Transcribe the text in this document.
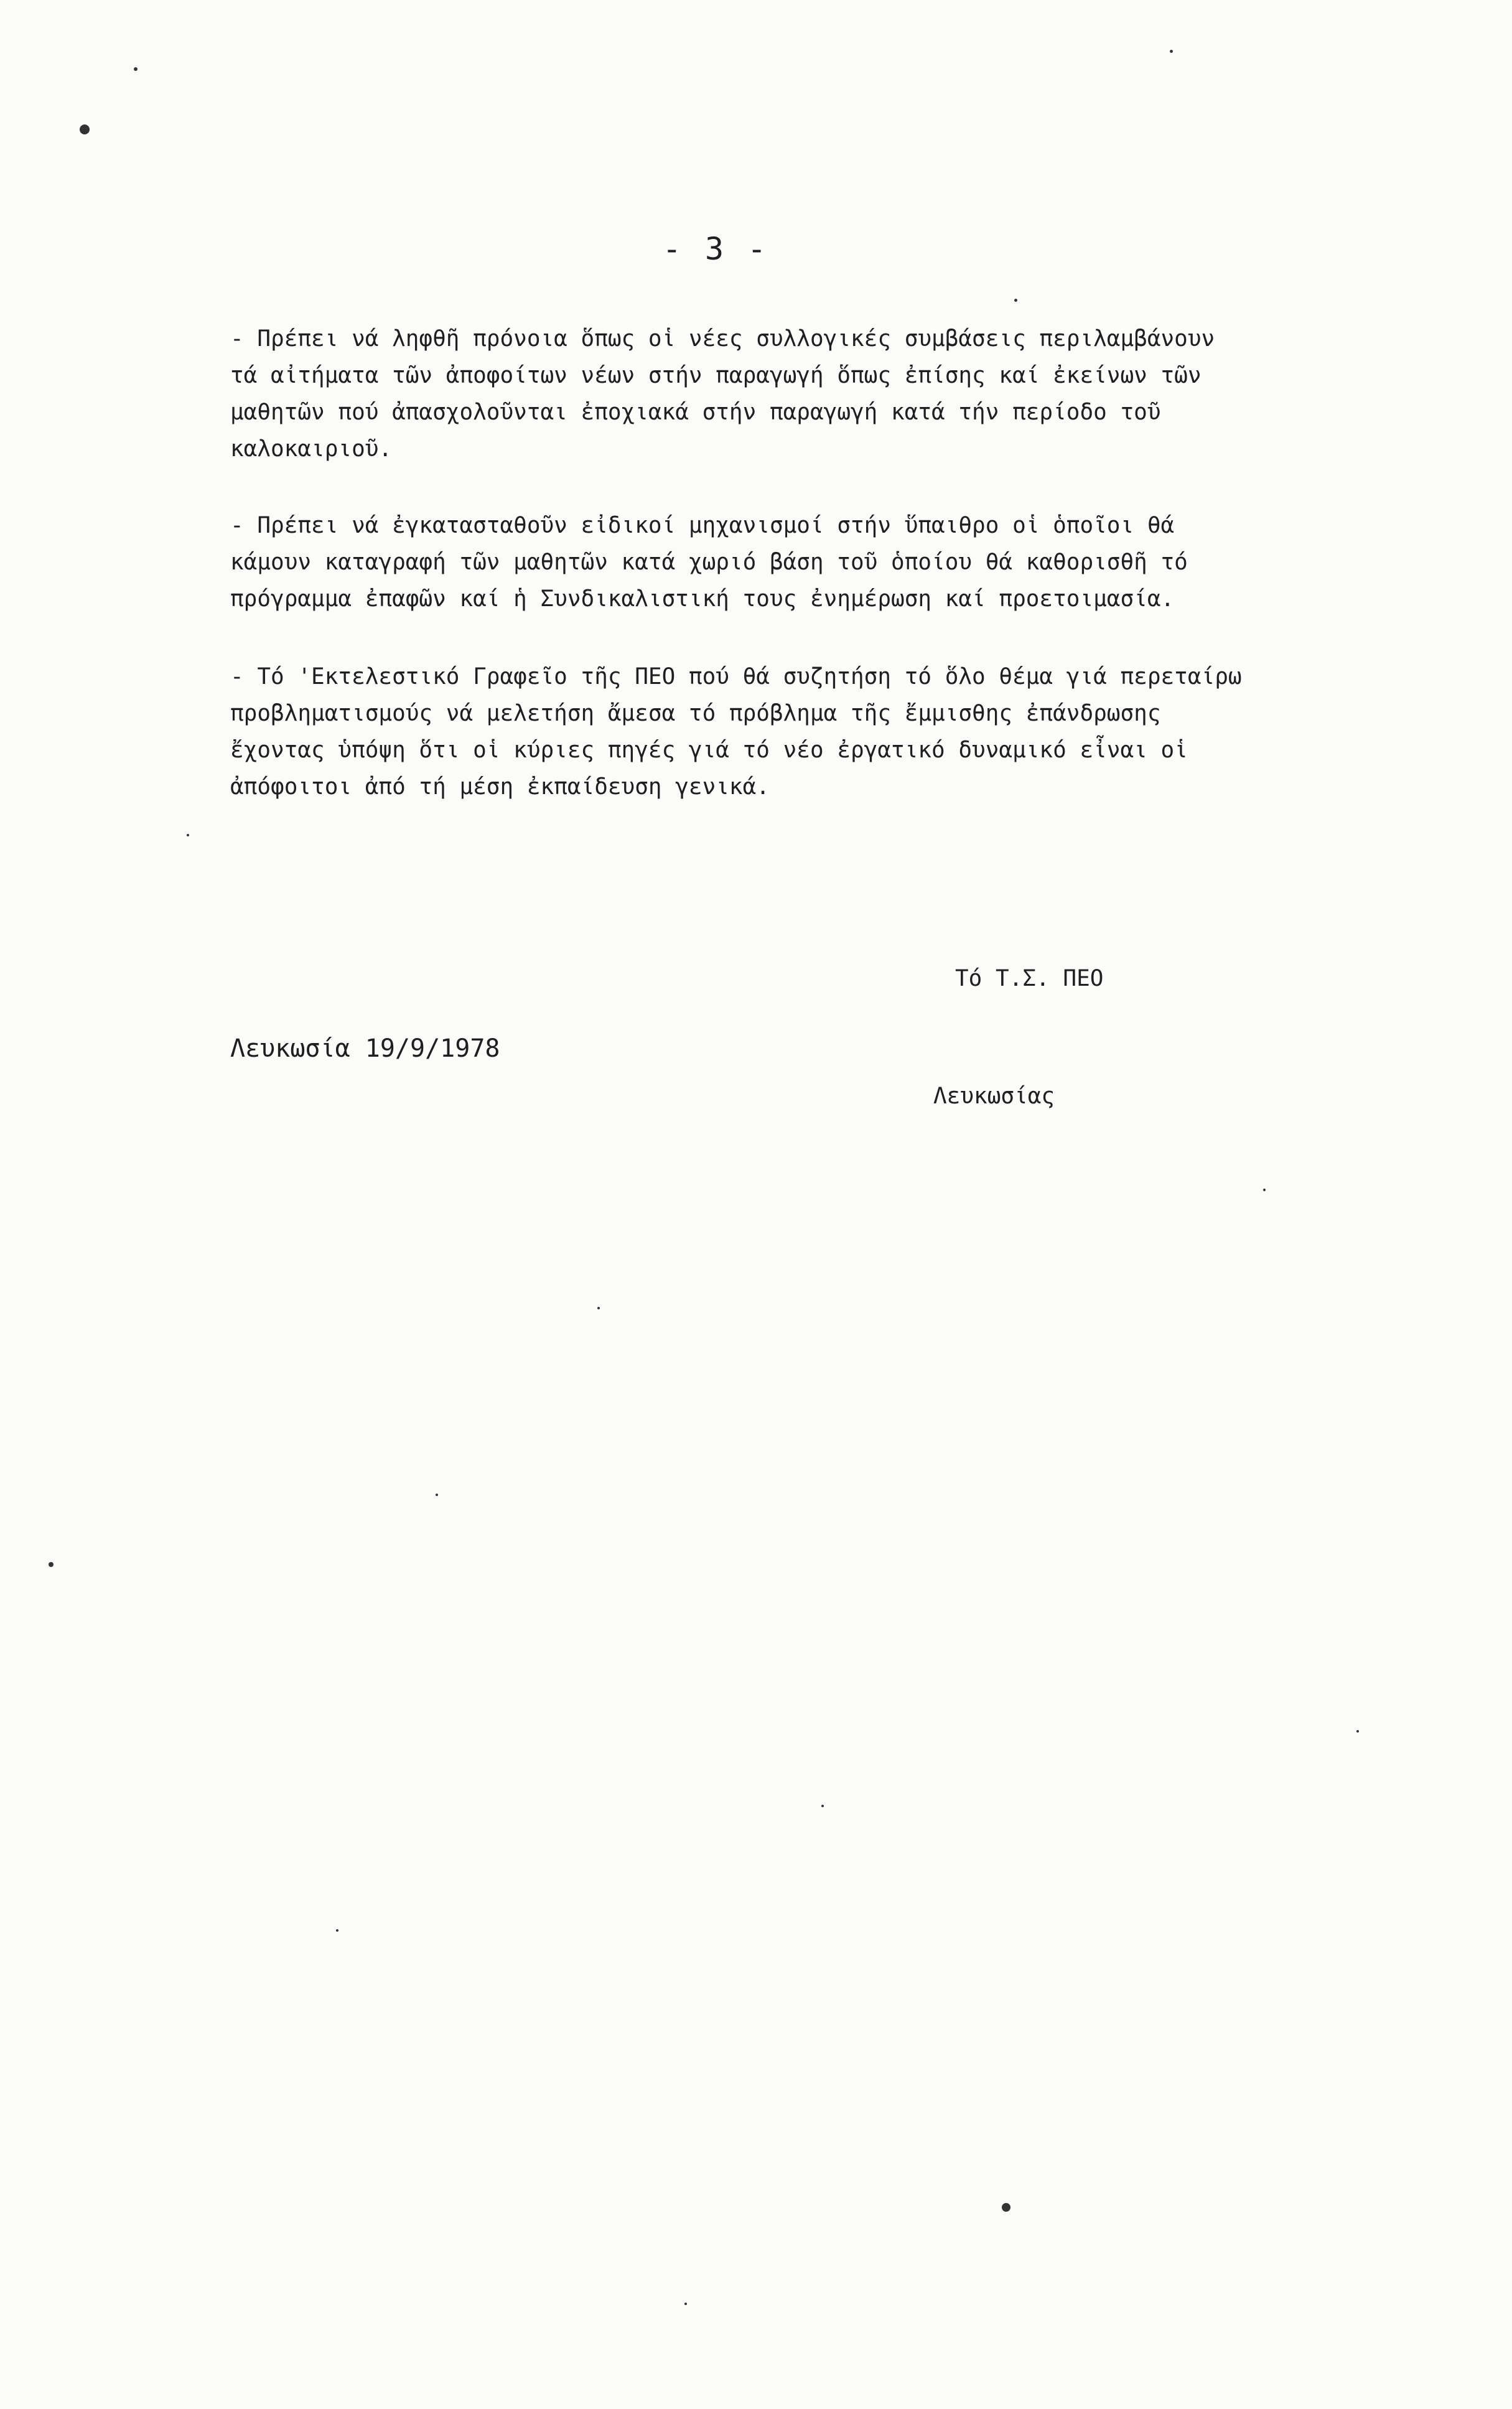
- 3 -

- Πρέπει νά ληφθῆ πρόνοια ὅπως οἱ νέες συλλογικές συμβάσεις περιλαμβάνουν
τά αἰτήματα τῶν ἀποφοίτων νέων στήν παραγωγή ὅπως ἐπίσης καί ἐκείνων τῶν
μαθητῶν πού ἀπασχολοῦνται ἐποχιακά στήν παραγωγή κατά τήν περίοδο τοῦ
καλοκαιριοῦ.

- Πρέπει νά ἐγκατασταθοῦν εἰδικοί μηχανισμοί στήν ὕπαιθρο οἱ ὁποῖοι θά
κάμουν καταγραφή τῶν μαθητῶν κατά χωριό βάση τοῦ ὁποίου θά καθορισθῆ τό
πρόγραμμα ἐπαφῶν καί ἡ Συνδικαλιστική τους ἐνημέρωση καί προετοιμασία.

- Τό 'Εκτελεστικό Γραφεῖο τῆς ΠΕΟ πού θά συζητήση τό ὅλο θέμα γιά περεταίρω
προβληματισμούς νά μελετήση ἄμεσα τό πρόβλημα τῆς ἔμμισθης ἐπάνδρωσης
ἔχοντας ὑπόψη ὅτι οἱ κύριες πηγές γιά τό νέο ἐργατικό δυναμικό εἶναι οἱ
ἀπόφοιτοι ἀπό τή μέση ἐκπαίδευση γενικά.

Τό Τ.Σ. ΠΕΟ

Λευκωσίας

Λευκωσία 19/9/1978
